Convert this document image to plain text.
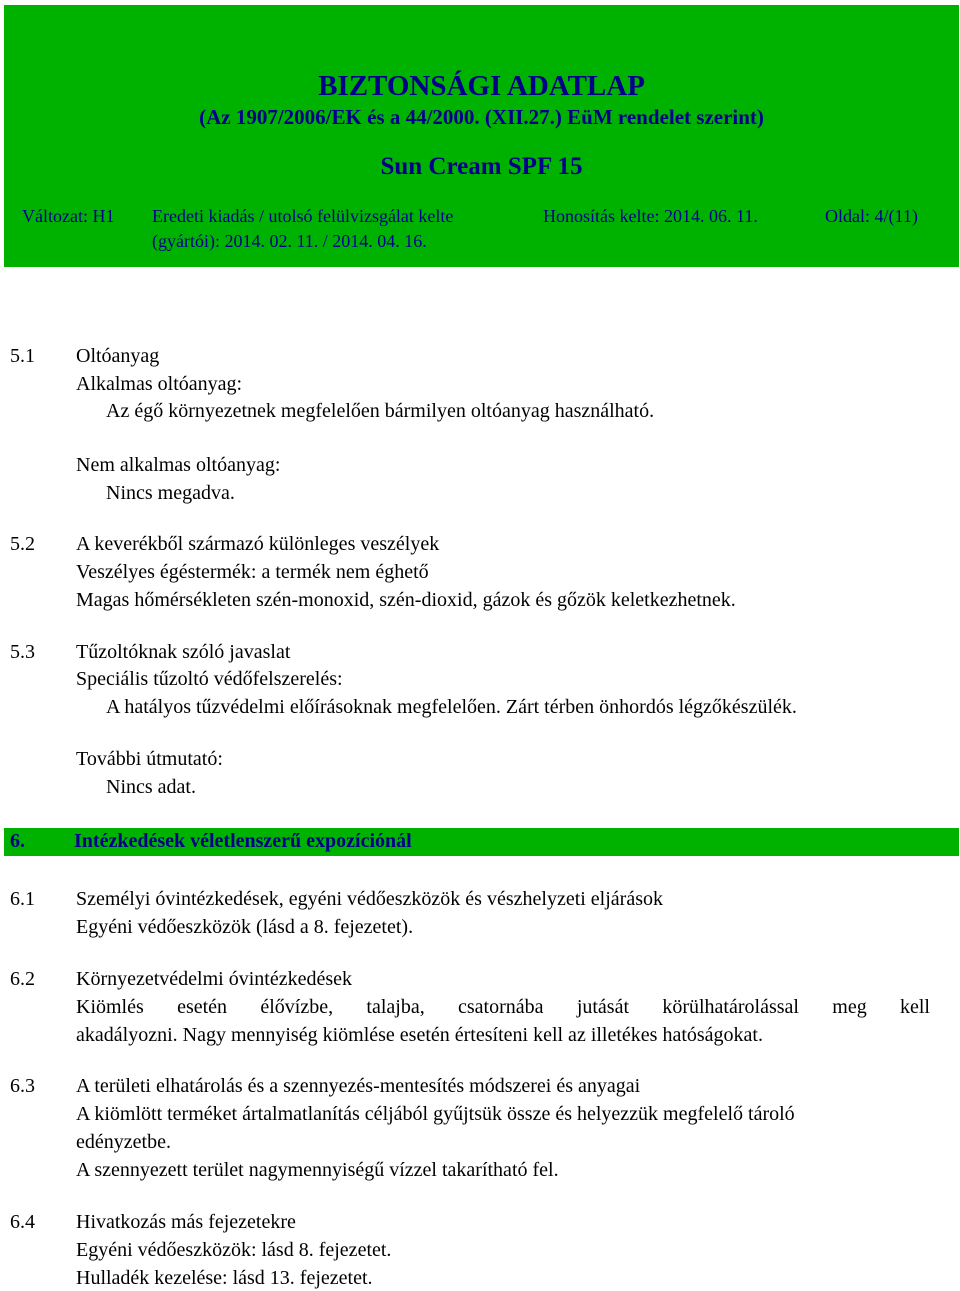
BIZTONSÁGI ADATLAP
(Az 1907/2006/EK és a 44/2000. (XII.27.) EüM rendelet szerint)
Sun Cream SPF 15
Változat: H1 Eredeti kiadás / utolsó felülvizsgálat kelte
(gyártói): 2014. 02. 11. / 2014. 04. 16.
Honosítás kelte: 2014. 06. 11.	Oldal: 4/(11)
5.1 Oltóanyag
Alkalmas oltóanyag:
Az égő környezetnek megfelelően bármilyen oltóanyag használható.
Nem alkalmas oltóanyag:
Nincs megadva.
5.2 A keverékből származó különleges veszélyek
Veszélyes égéstermék: a termék nem éghető
Magas hőmérsékleten szén-monoxid, szén-dioxid, gázok és gőzök keletkezhetnek.
5.3 Tűzoltóknak szóló javaslat
Speciális tűzoltó védőfelszerelés:
A hatályos tűzvédelmi előírásoknak megfelelően. Zárt térben önhordós légzőkészülék.
További útmutató:
Nincs adat.
6. Intézkedések véletlenszerű expozíciónál
6.1 Személyi óvintézkedések, egyéni védőeszközök és vészhelyzeti eljárások
Egyéni védőeszközök (lásd a 8. fejezetet).
6.2 Környezetvédelmi óvintézkedések
Kiömlés esetén élővízbe, talajba, csatornába jutását körülhatárolással meg kell
akadályozni. Nagy mennyiség kiömlése esetén értesíteni kell az illetékes hatóságokat.
6.3 A területi elhatárolás és a szennyezés-mentesítés módszerei és anyagai
A kiömlött terméket ártalmatlanítás céljából gyűjtsük össze és helyezzük megfelelő tároló
edényzetbe.
A szennyezett terület nagymennyiségű vízzel takarítható fel.
6.4 Hivatkozás más fejezetekre
Egyéni védőeszközök: lásd 8. fejezetet.
Hulladék kezelése: lásd 13. fejezetet.
